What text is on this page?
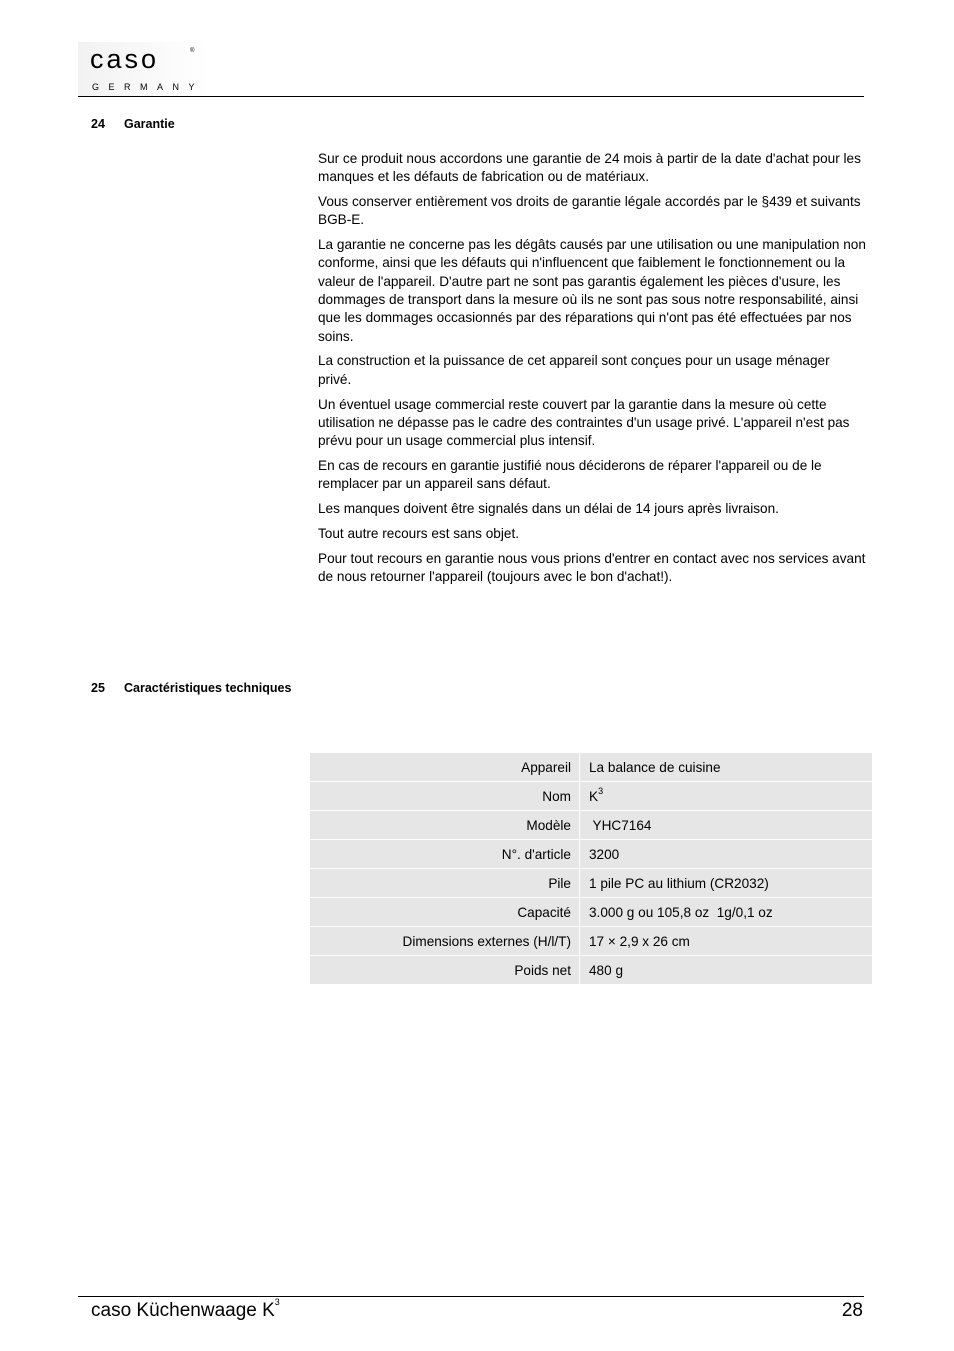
caso	®
GERMANY
24 Garantie

Sur ce produit nous accordons une garantie de 24 mois à partir de la date d'achat pour les manques et les défauts de fabrication ou de matériaux.

Vous conserver entièrement vos droits de garantie légale accordés par le §439 et suivants BGB-E.

La garantie ne concerne pas les dégâts causés par une utilisation ou une manipulation non conforme, ainsi que les défauts qui n'influencent que faiblement le fonctionnement ou la valeur de l'appareil. D'autre part ne sont pas garantis également les pièces d'usure, les dommages de transport dans la mesure où ils ne sont pas sous notre responsabilité, ainsi que les dommages occasionnés par des réparations qui n'ont pas été effectuées par nos soins.

La construction et la puissance de cet appareil sont conçues pour un usage ménager privé.

Un éventuel usage commercial reste couvert par la garantie dans la mesure où cette utilisation ne dépasse pas le cadre des contraintes d'un usage privé. L'appareil n'est pas prévu pour un usage commercial plus intensif.

En cas de recours en garantie justifié nous déciderons de réparer l'appareil ou de le remplacer par un appareil sans défaut.

Les manques doivent être signalés dans un délai de 14 jours après livraison.

Tout autre recours est sans objet.

Pour tout recours en garantie nous vous prions d'entrer en contact avec nos services avant de nous retourner l'appareil (toujours avec le bon d'achat!).

25 Caractéristiques techniques
Appareil	La balance de cuisine
Nom	$K^3$
Modèle	YHC7164
N°. d'article	3200
Pile	1 pile PC au lithium (CR2032)
Capacité	3.000 g ou 105,8 oz  1g/0,1 oz
Dimensions externes (H/l/T)	17 × 2,9 x 26 cm
Poids net	480 g
caso Küchenwaage $K^3$	28
